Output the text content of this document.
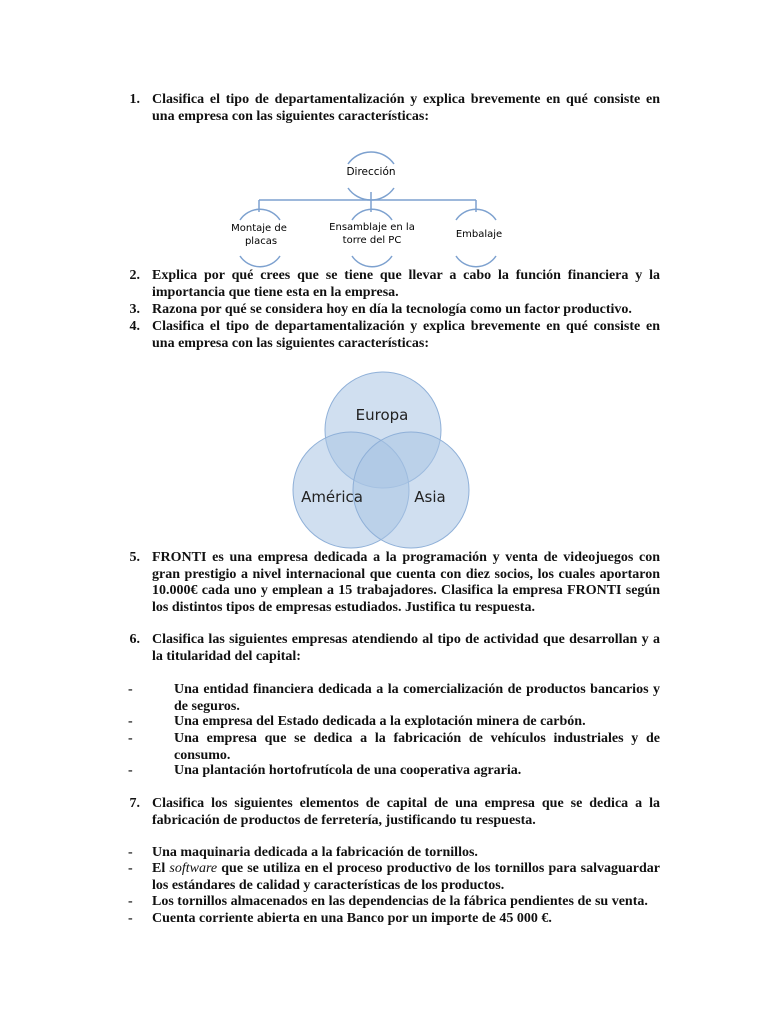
1. Clasifica el tipo de departamentalización y explica brevemente en qué consiste en una empresa con las siguientes características:
Dirección
Montaje de
placas
Ensamblaje en la
torre del PC
Embalaje
2. Explica por qué crees que se tiene que llevar a cabo la función financiera y la importancia que tiene esta en la empresa.
3. Razona por qué se considera hoy en día la tecnología como un factor productivo.
4. Clasifica el tipo de departamentalización y explica brevemente en qué consiste en una empresa con las siguientes características:
Europa
América	Asia
5. FRONTI es una empresa dedicada a la programación y venta de videojuegos con gran prestigio a nivel internacional que cuenta con diez socios, los cuales aportaron 10.000€ cada uno y emplean a 15 trabajadores. Clasifica la empresa FRONTI según los distintos tipos de empresas estudiados. Justifica tu respuesta.
6. Clasifica las siguientes empresas atendiendo al tipo de actividad que desarrollan y a la titularidad del capital:
-	Una entidad financiera dedicada a la comercialización de productos bancarios y de seguros.
-	Una empresa del Estado dedicada a la explotación minera de carbón.
-	Una empresa que se dedica a la fabricación de vehículos industriales y de consumo.
-	Una plantación hortofrutícola de una cooperativa agraria.
7. Clasifica los siguientes elementos de capital de una empresa que se dedica a la fabricación de productos de ferretería, justificando tu respuesta.
- Una maquinaria dedicada a la fabricación de tornillos.
- El software que se utiliza en el proceso productivo de los tornillos para salvaguardar los estándares de calidad y características de los productos.
- Los tornillos almacenados en las dependencias de la fábrica pendientes de su venta.
- Cuenta corriente abierta en una Banco por un importe de 45 000 €.
